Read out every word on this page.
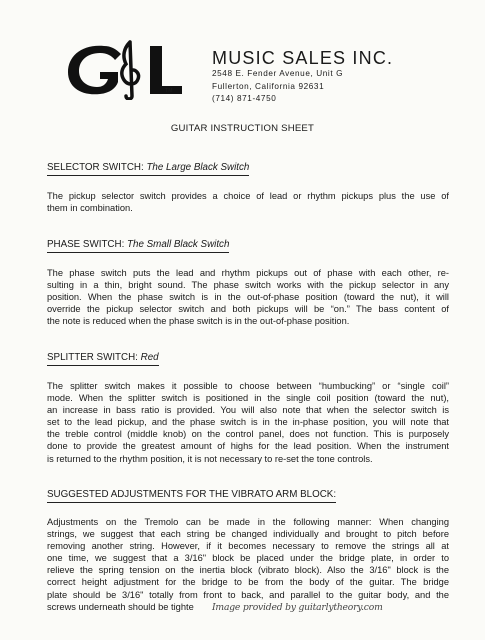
TM
MUSIC SALES INC.
2548 E. Fender Avenue, Unit G
Fullerton, California 92631
(714) 871-4750
GUITAR INSTRUCTION SHEET
SELECTOR SWITCH: The Large Black Switch
The pickup selector switch provides a choice of lead or rhythm pickups plus the use of
them in combination.
PHASE SWITCH: The Small Black Switch
The phase switch puts the lead and rhythm pickups out of phase with each other, re-
sulting in a thin, bright sound. The phase switch works with the pickup selector in any
position. When the phase switch is in the out-of-phase position (toward the nut), it will
override the pickup selector switch and both pickups will be “on.” The bass content of
the note is reduced when the phase switch is in the out-of-phase position.
SPLITTER SWITCH: Red
The splitter switch makes it possible to choose between “humbucking” or “single coil”
mode. When the splitter switch is positioned in the single coil position (toward the nut),
an increase in bass ratio is provided. You will also note that when the selector switch is
set to the lead pickup, and the phase switch is in the in-phase position, you will note that
the treble control (middle knob) on the control panel, does not function. This is purposely
done to provide the greatest amount of highs for the lead position. When the instrument
is returned to the rhythm position, it is not necessary to re-set the tone controls.
SUGGESTED ADJUSTMENTS FOR THE VIBRATO ARM BLOCK:
Adjustments on the Tremolo can be made in the following manner: When changing
strings, we suggest that each string be changed individually and brought to pitch before
removing another string. However, if it becomes necessary to remove the strings all at
one time, we suggest that a 3/16" block be placed under the bridge plate, in order to
relieve the spring tension on the inertia block (vibrato block). Also the 3/16" block is the
correct height adjustment for the bridge to be from the body of the guitar. The bridge
plate should be 3/16" totally from front to back, and parallel to the guitar body, and the
screws underneath should be tighte	Image provided by guitarlytheory.com
